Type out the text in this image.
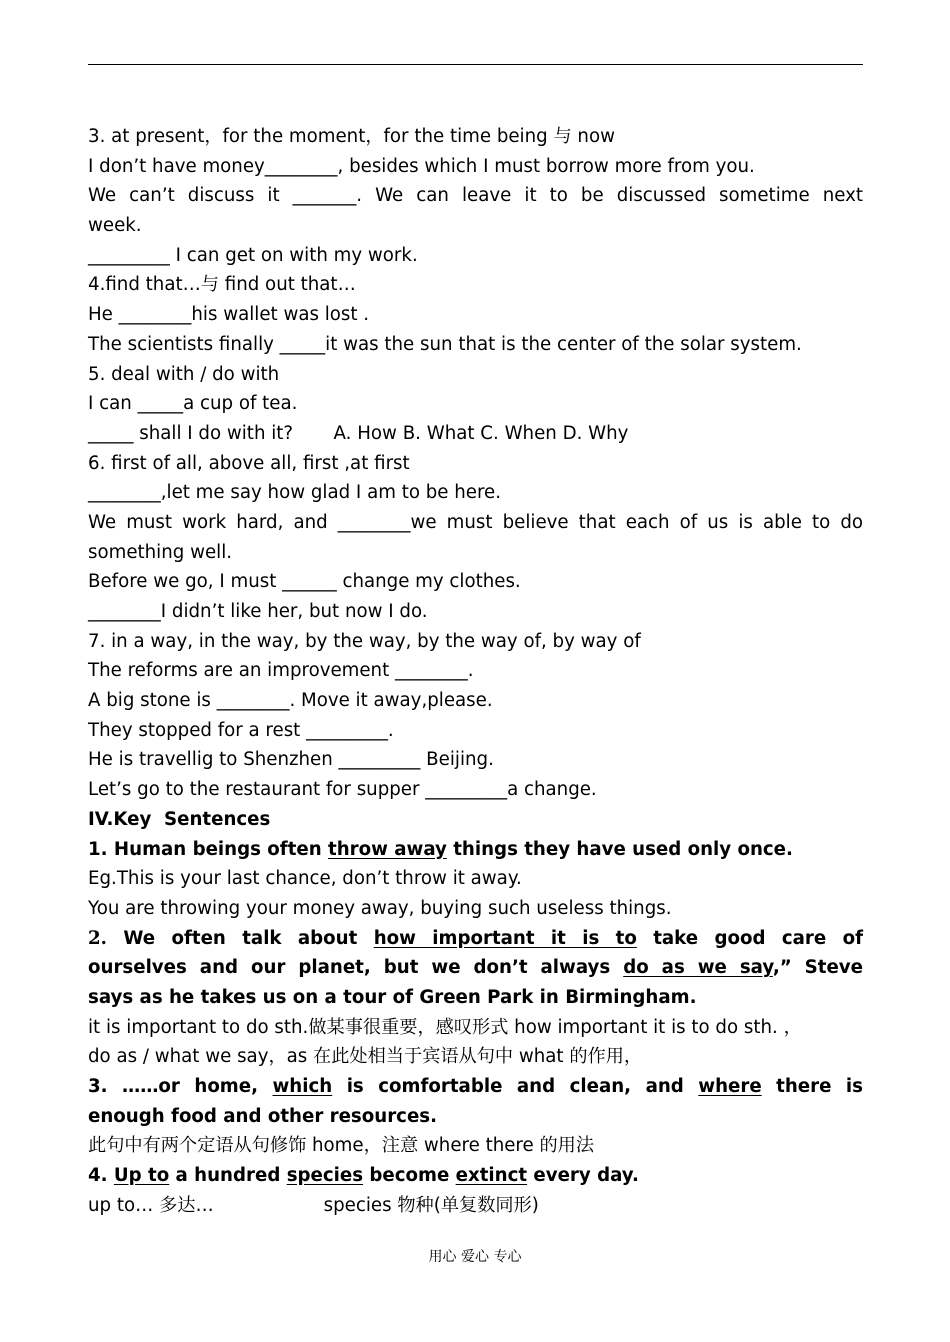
3. at present，for the moment，for the time being 与 now
I don’t have money________, besides which I must borrow more from you.
We can’t discuss it _______. We can leave it to be discussed sometime next
week.
_________ I can get on with my work.
4.find that…与 find out that…
He ________his wallet was lost .
The scientists finally _____it was the sun that is the center of the solar system.
5. deal with / do with
I can _____a cup of tea.
_____ shall I do with it?       A. How B. What C. When D. Why
6. first of all, above all, first ,at first
________,let me say how glad I am to be here.
We must work hard, and ________we must believe that each of us is able to do
something well.
Before we go, I must ______ change my clothes.
________I didn’t like her, but now I do.
7. in a way, in the way, by the way, by the way of, by way of
The reforms are an improvement ________.
A big stone is ________. Move it away,please.
They stopped for a rest _________.
He is travellig to Shenzhen _________ Beijing.
Let’s go to the restaurant for supper _________a change.
IV.Key  Sentences
1. Human beings often throw away things they have used only once.
Eg.This is your last chance, don’t throw it away.
You are throwing your money away, buying such useless things.
2. We often talk about how important it is to take good care of
ourselves and our planet, but we don’t always do as we say,” Steve
says as he takes us on a tour of Green Park in Birmingham.
it is important to do sth.做某事很重要，感叹形式 how important it is to do sth. ，
do as / what we say，as 在此处相当于宾语从句中 what 的作用，
3. ……or home, which is comfortable and clean, and where there is
enough food and other resources.
此句中有两个定语从句修饰 home，注意 where there 的用法
4. Up to a hundred species become extinct every day.
up to… 多达…	species 物种(单复数同形)
用心 爱心 专心
